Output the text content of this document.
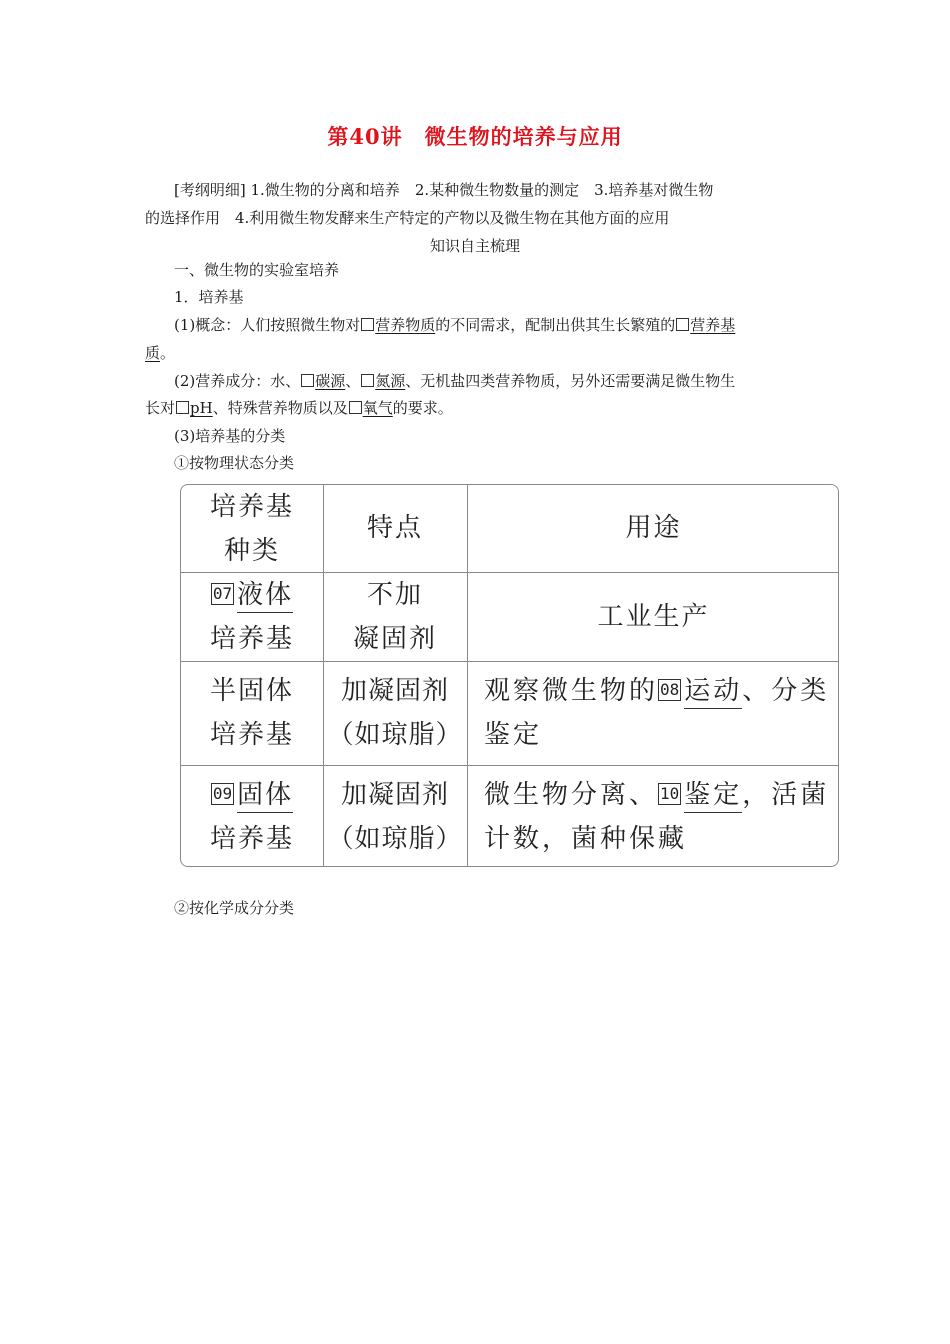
第40讲　微生物的培养与应用
[考纲明细] 1.微生物的分离和培养　2.某种微生物数量的测定　3.培养基对微生物
的选择作用　4.利用微生物发酵来生产特定的产物以及微生物在其他方面的应用
知识自主梳理
一、微生物的实验室培养
1．培养基
(1)概念：人们按照微生物对 营养物质的不同需求，配制出供其生长繁殖的 营养基
质。
(2)营养成分：水、 碳源、 氮源、无机盐四类营养物质，另外还需要满足微生物生
长对 pH、特殊营养物质以及 氧气的要求。
(3)培养基的分类
①按物理状态分类
培养基
种类
特点	用途
07 液体
培养基
不加
凝固剂
工业生产
半固体
培养基
加凝固剂
（如琼脂）
观察微生物的 08 运动、分类
鉴定
09 固体
培养基
加凝固剂
（如琼脂）
微生物分离、 10 鉴定，活菌
计数，菌种保藏
②按化学成分分类
